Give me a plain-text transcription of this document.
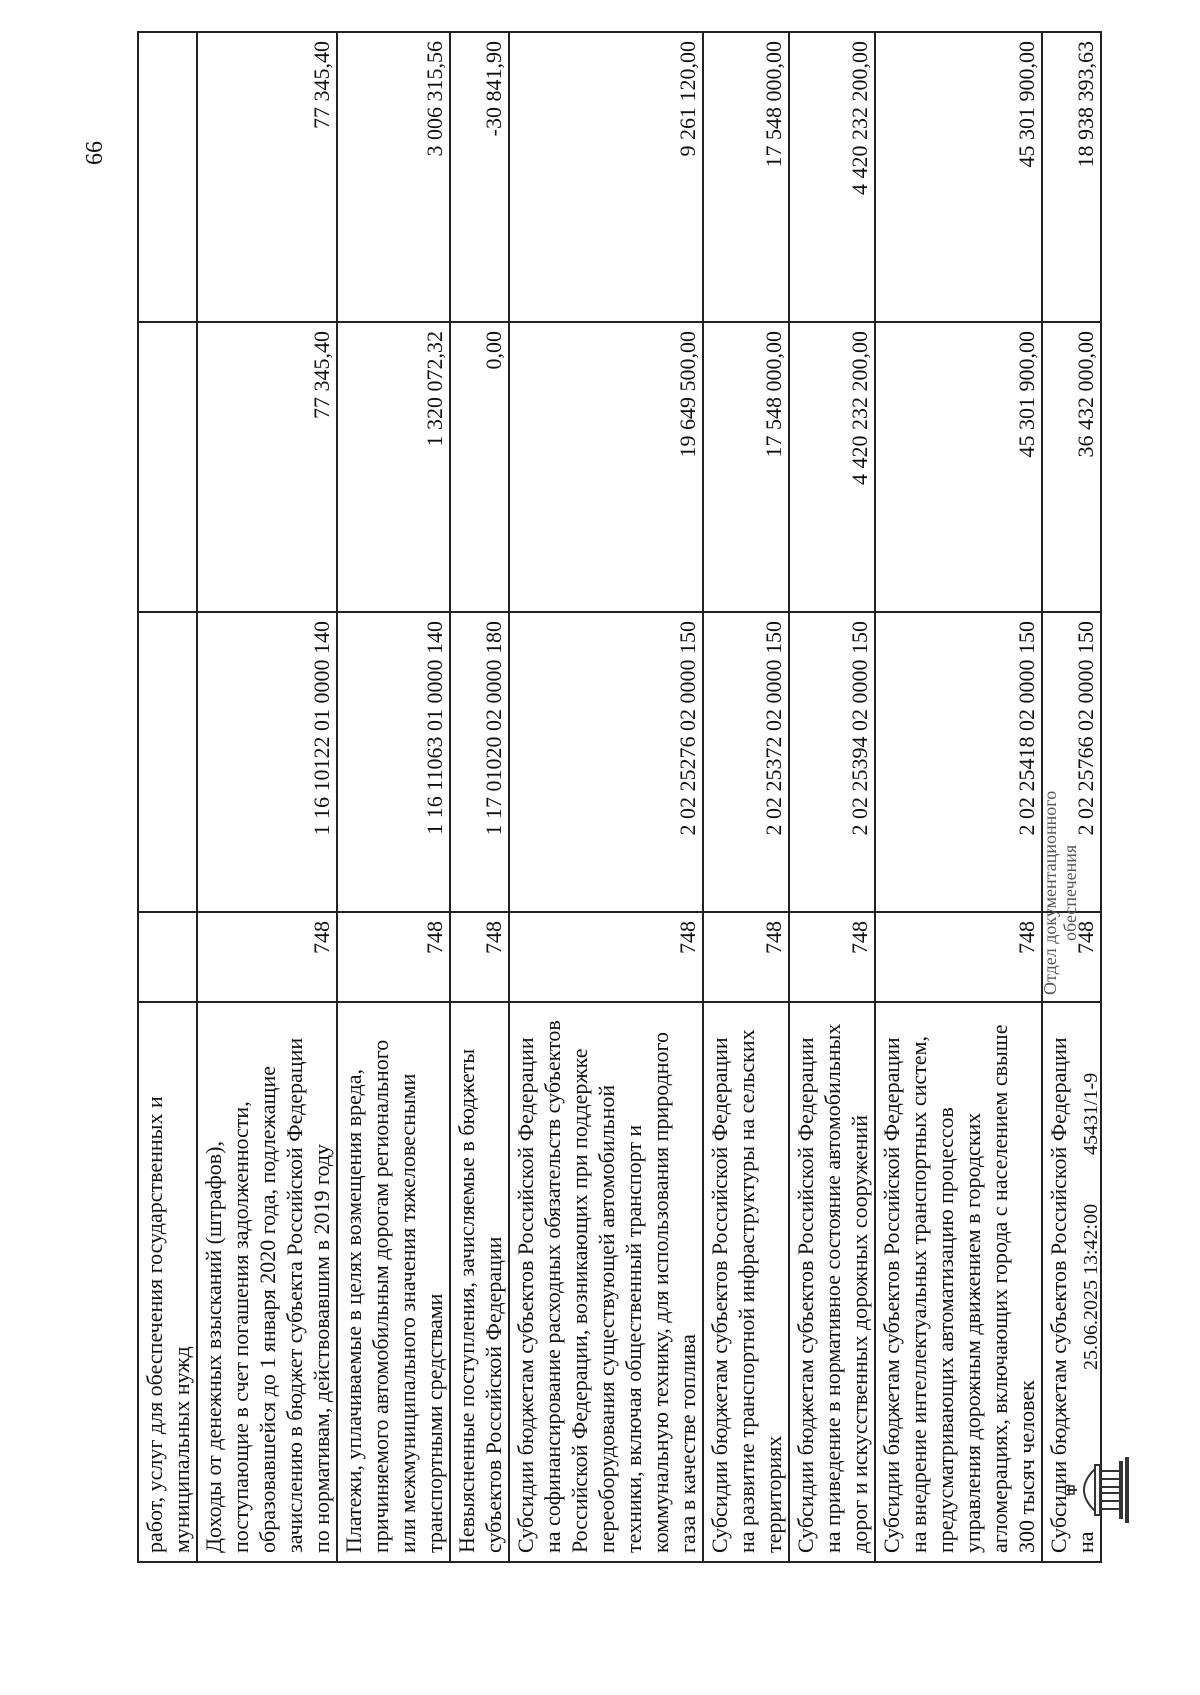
66
работ, услуг для обеспечения государственных и муниципальных нужд				
Доходы от денежных взысканий (штрафов), поступающие в счет погашения задолженности, образовавшейся до 1 января 2020 года, подлежащие зачислению в бюджет субъекта Российской Федерации по нормативам, действовавшим в 2019 году	748	1 16 10122 01 0000 140	77 345,40	77 345,40
Платежи, уплачиваемые в целях возмещения вреда, причиняемого автомобильным дорогам регионального или межмуниципального значения тяжеловесными транспортными средствами	748	1 16 11063 01 0000 140	1 320 072,32	3 006 315,56
Невыясненные поступления, зачисляемые в бюджеты субъектов Российской Федерации	748	1 17 01020 02 0000 180	0,00	-30 841,90
Субсидии бюджетам субъектов Российской Федерации на софинансирование расходных обязательств субъектов Российской Федерации, возникающих при поддержке переоборудования существующей автомобильной техники, включая общественный транспорт и коммунальную технику, для использования природного газа в качестве топлива	748	2 02 25276 02 0000 150	19 649 500,00	9 261 120,00
Субсидии бюджетам субъектов Российской Федерации на развитие транспортной инфраструктуры на сельских территориях	748	2 02 25372 02 0000 150	17 548 000,00	17 548 000,00
Субсидии бюджетам субъектов Российской Федерации на приведение в нормативное состояние автомобильных дорог и искусственных дорожных сооружений	748	2 02 25394 02 0000 150	4 420 232 200,00	4 420 232 200,00
Субсидии бюджетам субъектов Российской Федерации на внедрение интеллектуальных транспортных систем, предусматривающих автоматизацию процессов управления дорожным движением в городских агломерациях, включающих города с населением свыше 300 тысяч человек	748	2 02 25418 02 0000 150	45 301 900,00	45 301 900,00
Субсидии бюджетам субъектов Российской Федерации на	748	2 02 25766 02 0000 150	36 432 000,00	18 938 393,63
25.06.2025 13:42:00
45431/1-9
Отдел документационного обеспечения
